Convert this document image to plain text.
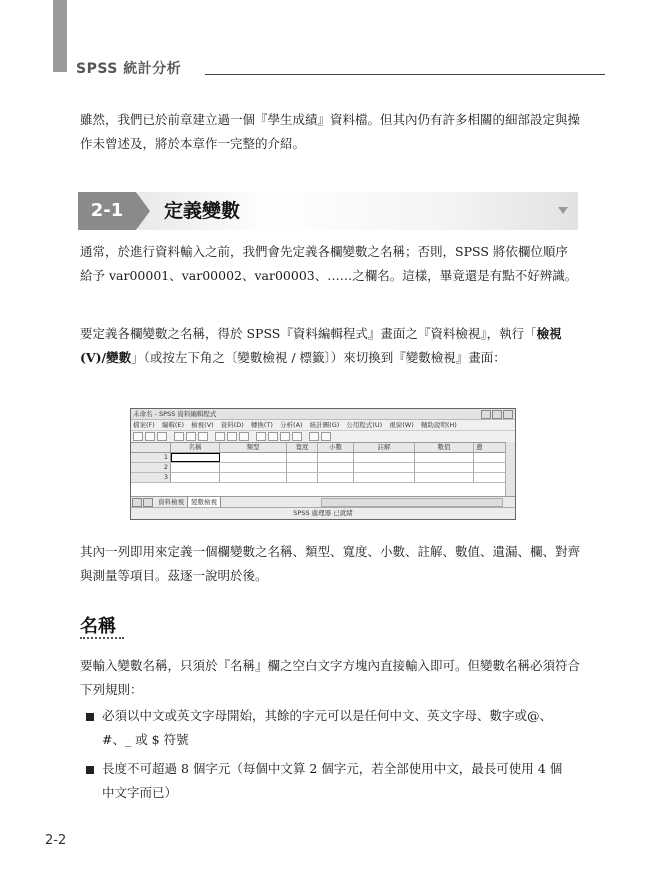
SPSS 統計分析

雖然，我們已於前章建立過一個『學生成績』資料檔。但其內仍有許多相關的細部設定與操作未曾述及，將於本章作一完整的介紹。

2-1	定義變數

通常，於進行資料輸入之前，我們會先定義各欄變數之名稱；否則，SPSS 將依欄位順序給予 var00001、var00002、var00003、……之欄名。這樣，畢竟還是有點不好辨識。

要定義各欄變數之名稱，得於 SPSS『資料編輯程式』畫面之『資料檢視』，執行「檢視(V)/變數」（或按左下角之〔變數檢視 / 標籤〕）來切換到『變數檢視』畫面：

未命名 - SPSS 資料編輯程式
檔案(F) 編輯(E) 檢視(V) 資料(D) 轉換(T) 分析(A) 統計圖(G) 公用程式(U) 視窗(W) 輔助說明(H)
名稱	類型	寬度	小數	註解	數值	遺
1
2
3
資料檢視 變數檢視
SPSS 處理器 已就緒

其內一列即用來定義一個欄變數之名稱、類型、寬度、小數、註解、數值、遺漏、欄、對齊與測量等項目。茲逐一說明於後。

名稱

要輸入變數名稱，只須於『名稱』欄之空白文字方塊內直接輸入即可。但變數名稱必須符合下列規則：

必須以中文或英文字母開始，其餘的字元可以是任何中文、英文字母、數字或@、#、_ 或 $ 符號

長度不可超過 8 個字元（每個中文算 2 個字元，若全部使用中文，最長可使用 4 個中文字而已）

2-2
